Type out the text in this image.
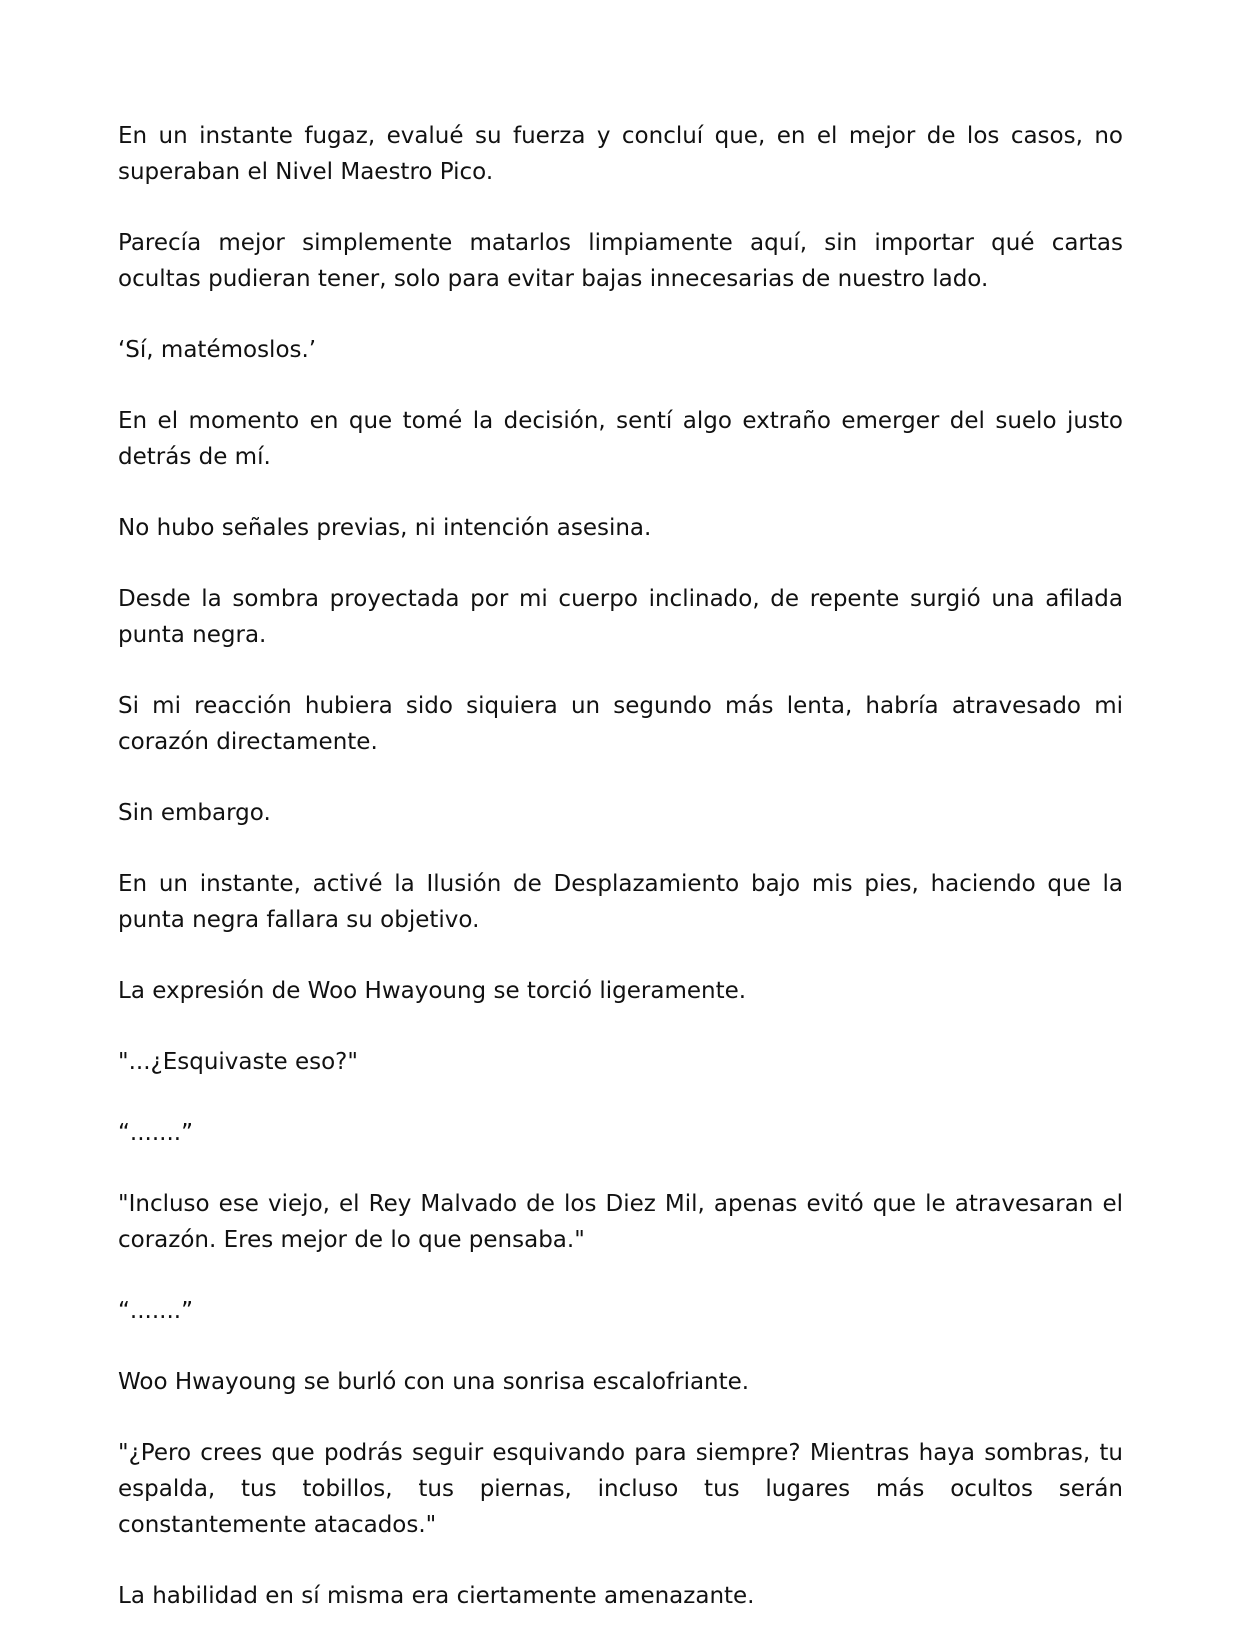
En un instante fugaz, evalué su fuerza y concluí que, en el mejor de los casos, no superaban el Nivel Maestro Pico.

Parecía mejor simplemente matarlos limpiamente aquí, sin importar qué cartas ocultas pudieran tener, solo para evitar bajas innecesarias de nuestro lado.

‘Sí, matémoslos.’

En el momento en que tomé la decisión, sentí algo extraño emerger del suelo justo detrás de mí.

No hubo señales previas, ni intención asesina.

Desde la sombra proyectada por mi cuerpo inclinado, de repente surgió una afilada punta negra.

Si mi reacción hubiera sido siquiera un segundo más lenta, habría atravesado mi corazón directamente.

Sin embargo.

En un instante, activé la Ilusión de Desplazamiento bajo mis pies, haciendo que la punta negra fallara su objetivo.

La expresión de Woo Hwayoung se torció ligeramente.

"...¿Esquivaste eso?"

“.......”

"Incluso ese viejo, el Rey Malvado de los Diez Mil, apenas evitó que le atravesaran el corazón. Eres mejor de lo que pensaba."

“.......”

Woo Hwayoung se burló con una sonrisa escalofriante.

"¿Pero crees que podrás seguir esquivando para siempre? Mientras haya sombras, tu espalda, tus tobillos, tus piernas, incluso tus lugares más ocultos serán constantemente atacados."

La habilidad en sí misma era ciertamente amenazante.
